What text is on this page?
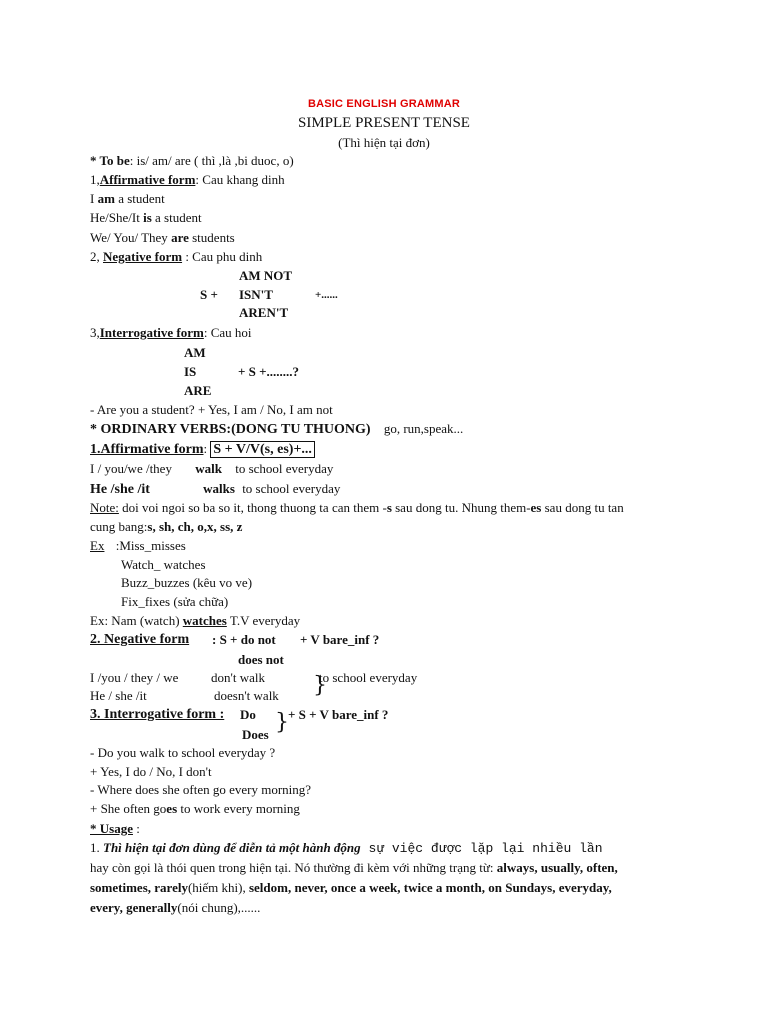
BASIC ENGLISH GRAMMAR
SIMPLE PRESENT TENSE
(Thì hiện tại đơn)
* To be: is/ am/ are ( thì ,là ,bi duoc, o)
1,Affirmative form: Cau khang dinh
I am a student
He/She/It is a student
We/ You/ They are students
2, Negative form : Cau phu dinh
AM NOT
S + ISN'T	+......
AREN'T
3,Interrogative form: Cau hoi
AM
IS	+ S +........?
ARE
- Are you a student? + Yes, I am / No, I am not
* ORDINARY VERBS:(DONG TU THUONG) go, run,speak...
1.Affirmative form: S + V/V(s, es)+...
I / you/we /they walk to school everyday
He /she /it	walks to school everyday
Note: doi voi ngoi so ba so it, thong thuong ta can them -s sau dong tu. Nhung them-es sau dong tu tan
cung bang:s, sh, ch, o,x, ss, z
Ex :Miss_misses
Watch_ watches
Buzz_buzzes (kêu vo ve)
Fix_fixes (sửa chữa)
Ex: Nam (watch) watches T.V everyday
2. Negative form : S + do not + V bare_inf ?
does not
I /you / they / we	don't walk	to school everyday
He / she /it	doesn't walk }
3. Interrogative form : Do + S + V bare_inf ?
Does }
- Do you walk to school everyday ?
+ Yes, I do / No, I don't
- Where does she often go every morning?
+ She often goes to work every morning
* Usage :
1. Thì hiện tại đơn dùng để diễn tả một hành động sự việc được lặp lại nhiều lần
hay còn gọi là thói quen trong hiện tại. Nó thường đi kèm với những trạng từ: always, usually, often,
sometimes, rarely(hiếm khi), seldom, never, once a week, twice a month, on Sundays, everyday,
every, generally(nói chung),......
